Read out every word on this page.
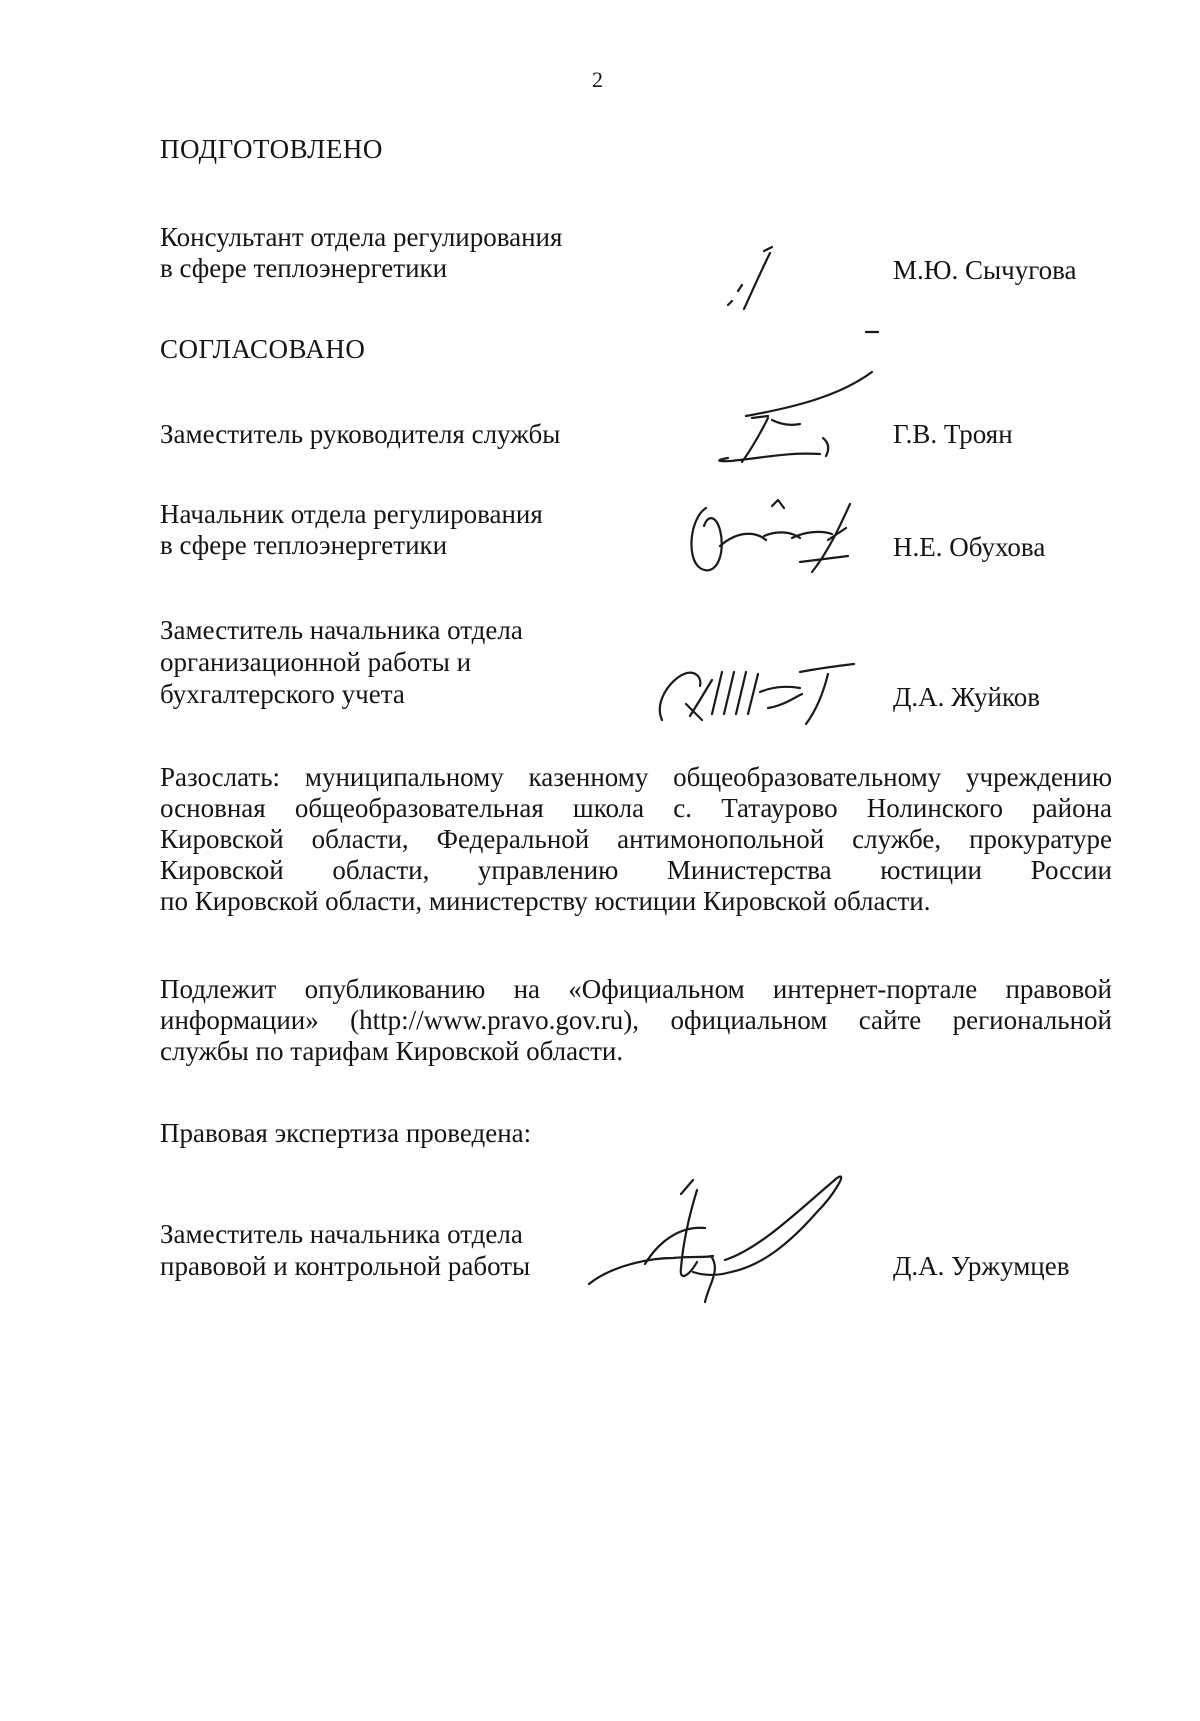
2
ПОДГОТОВЛЕНО
Консультант отдела регулирования
в сфере теплоэнергетики	М.Ю. Сычугова
СОГЛАСОВАНО
Заместитель руководителя службы	Г.В. Троян
Начальник отдела регулирования
в сфере теплоэнергетики	Н.Е. Обухова
Заместитель начальника отдела
организационной работы и
бухгалтерского учета	Д.А. Жуйков
Разослать: муниципальному казенному общеобразовательному учреждению
основная общеобразовательная школа с. Татаурово Нолинского района
Кировской области, Федеральной антимонопольной службе, прокуратуре
Кировской области, управлению Министерства юстиции России
по Кировской области, министерству юстиции Кировской области.
Подлежит опубликованию на «Официальном интернет-портале правовой
информации» (http://www.pravo.gov.ru), официальном сайте региональной
службы по тарифам Кировской области.
Правовая экспертиза проведена:
Заместитель начальника отдела
правовой и контрольной работы	Д.А. Уржумцев
